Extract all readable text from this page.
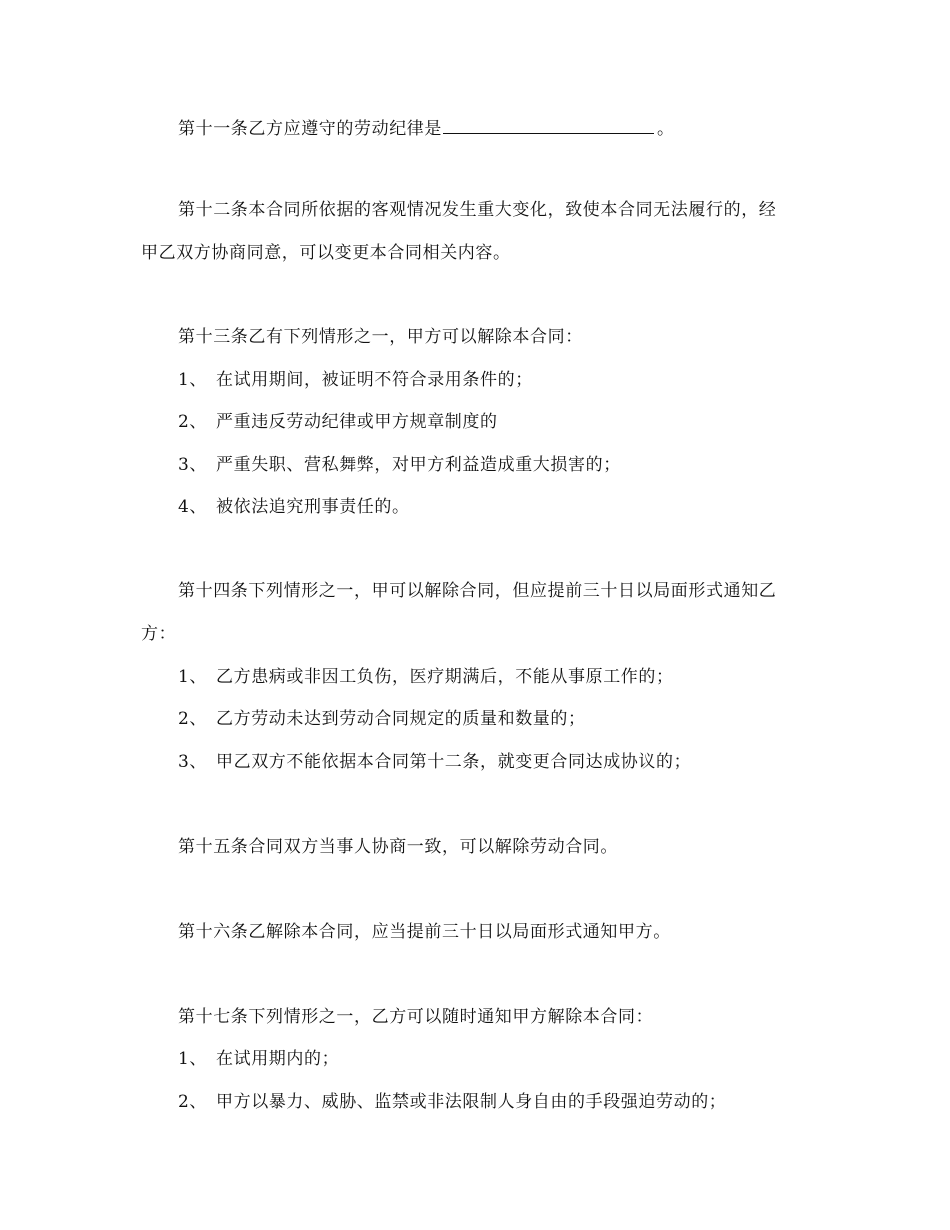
第十一条乙方应遵守的劳动纪律是	。
第十二条本合同所依据的客观情况发生重大变化，致使本合同无法履行的，经
甲乙双方协商同意，可以变更本合同相关内容。
第十三条乙有下列情形之一，甲方可以解除本合同：
1、 在试用期间，被证明不符合录用条件的；
2、 严重违反劳动纪律或甲方规章制度的
3、 严重失职、营私舞弊，对甲方利益造成重大损害的；
4、 被依法追究刑事责任的。
第十四条下列情形之一，甲可以解除合同，但应提前三十日以局面形式通知乙
方：
1、 乙方患病或非因工负伤，医疗期满后，不能从事原工作的；
2、 乙方劳动未达到劳动合同规定的质量和数量的；
3、 甲乙双方不能依据本合同第十二条，就变更合同达成协议的；
第十五条合同双方当事人协商一致，可以解除劳动合同。
第十六条乙解除本合同，应当提前三十日以局面形式通知甲方。
第十七条下列情形之一，乙方可以随时通知甲方解除本合同：
1、 在试用期内的；
2、 甲方以暴力、威胁、监禁或非法限制人身自由的手段强迫劳动的；
